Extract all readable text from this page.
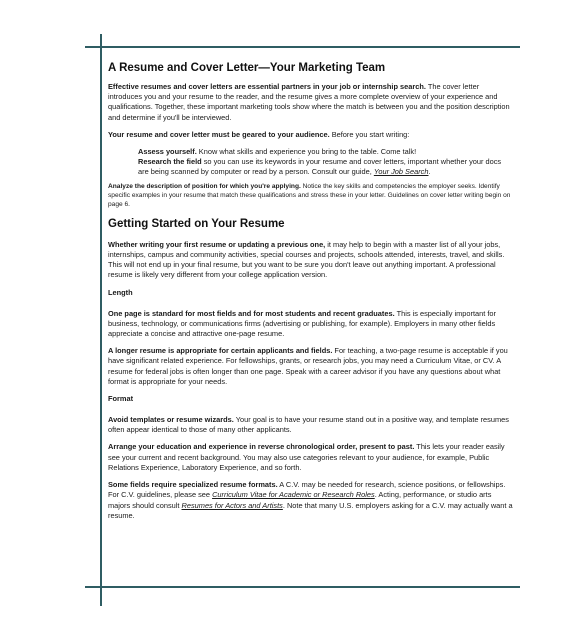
A Resume and Cover Letter—Your Marketing Team

Effective resumes and cover letters are essential partners in your job or internship search. The cover letter introduces you and your resume to the reader, and the resume gives a more complete overview of your experience and qualifications. Together, these important marketing tools show where the match is between you and the position description and determine if you'll be interviewed.

Your resume and cover letter must be geared to your audience. Before you start writing:

Assess yourself. Know what skills and experience you bring to the table. Come talk!
Research the field so you can use its keywords in your resume and cover letters, important whether your docs are being scanned by computer or read by a person. Consult our guide, Your Job Search.

Analyze the description of position for which you're applying. Notice the key skills and competencies the employer seeks. Identify specific examples in your resume that match these qualifications and stress these in your letter. Guidelines on cover letter writing begin on page 6.

Getting Started on Your Resume

Whether writing your first resume or updating a previous one, it may help to begin with a master list of all your jobs, internships, campus and community activities, special courses and projects, schools attended, interests, travel, and skills. This will not end up in your final resume, but you want to be sure you don't leave out anything important. A professional resume is likely very different from your college application version.

Length

One page is standard for most fields and for most students and recent graduates. This is especially important for business, technology, or communications firms (advertising or publishing, for example). Employers in many other fields appreciate a concise and attractive one-page resume.

A longer resume is appropriate for certain applicants and fields. For teaching, a two-page resume is acceptable if you have significant related experience. For fellowships, grants, or research jobs, you may need a Curriculum Vitae, or CV. A resume for federal jobs is often longer than one page. Speak with a career advisor if you have any questions about what format is appropriate for your needs.

Format

Avoid templates or resume wizards. Your goal is to have your resume stand out in a positive way, and template resumes often appear identical to those of many other applicants.

Arrange your education and experience in reverse chronological order, present to past. This lets your reader easily see your current and recent background. You may also use categories relevant to your audience, for example, Public Relations Experience, Laboratory Experience, and so forth.

Some fields require specialized resume formats. A C.V. may be needed for research, science positions, or fellowships. For C.V. guidelines, please see Curriculum Vitae for Academic or Research Roles. Acting, performance, or studio arts majors should consult Resumes for Actors and Artists. Note that many U.S. employers asking for a C.V. may actually want a resume.
